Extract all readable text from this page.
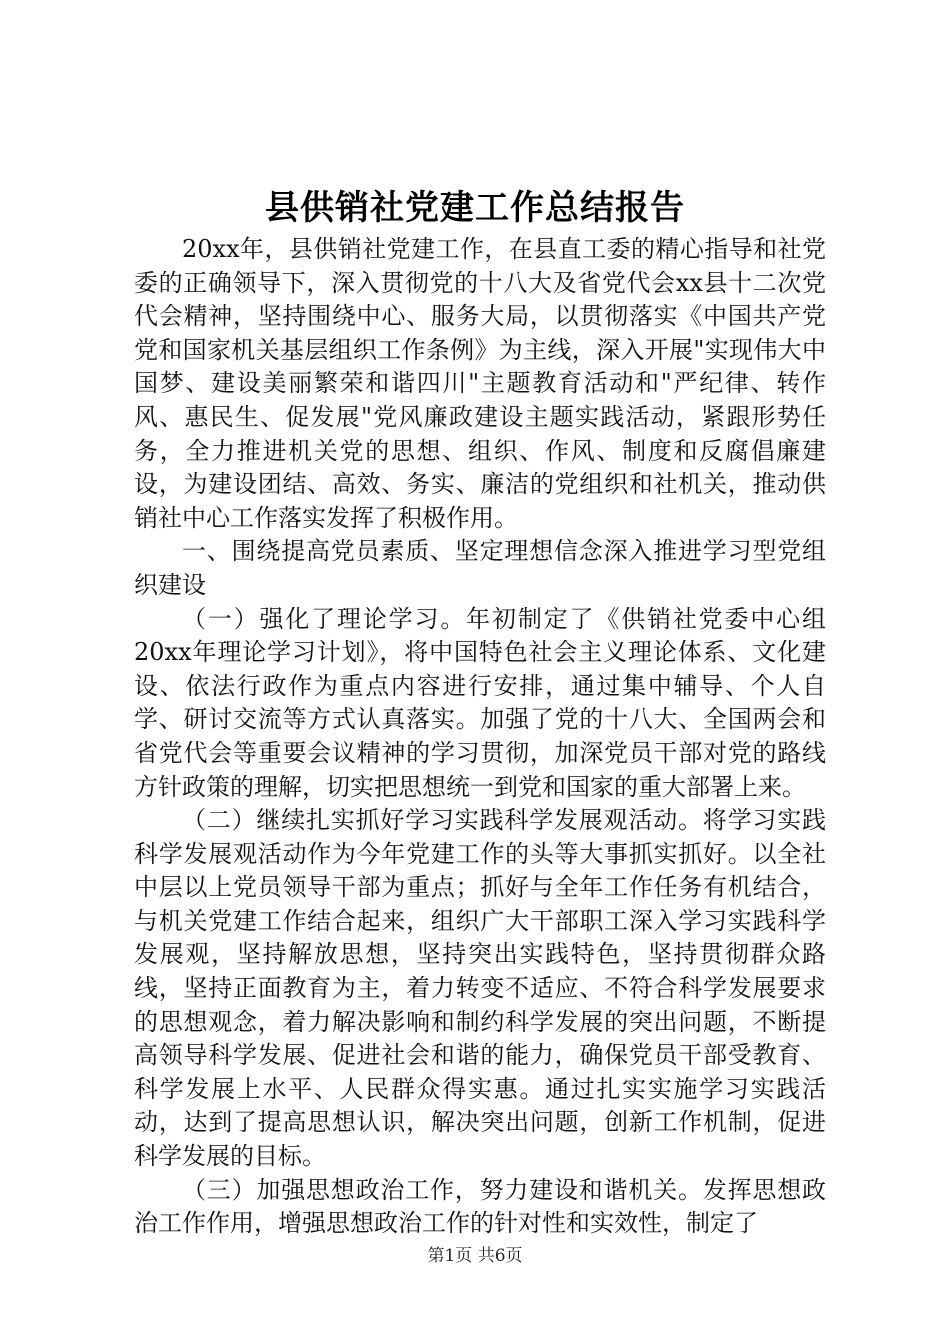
县供销社党建工作总结报告

20xx年，县供销社党建工作，在县直工委的精心指导和社党委的正确领导下，深入贯彻党的十八大及省党代会xx县十二次党代会精神，坚持围绕中心、服务大局，以贯彻落实《中国共产党党和国家机关基层组织工作条例》为主线，深入开展"实现伟大中国梦、建设美丽繁荣和谐四川"主题教育活动和"严纪律、转作风、惠民生、促发展"党风廉政建设主题实践活动，紧跟形势任务，全力推进机关党的思想、组织、作风、制度和反腐倡廉建设，为建设团结、高效、务实、廉洁的党组织和社机关，推动供销社中心工作落实发挥了积极作用。

一、围绕提高党员素质、坚定理想信念深入推进学习型党组织建设

（一）强化了理论学习。年初制定了《供销社党委中心组20xx年理论学习计划》，将中国特色社会主义理论体系、文化建设、依法行政作为重点内容进行安排，通过集中辅导、个人自学、研讨交流等方式认真落实。加强了党的十八大、全国两会和省党代会等重要会议精神的学习贯彻，加深党员干部对党的路线方针政策的理解，切实把思想统一到党和国家的重大部署上来。

（二）继续扎实抓好学习实践科学发展观活动。将学习实践科学发展观活动作为今年党建工作的头等大事抓实抓好。以全社中层以上党员领导干部为重点；抓好与全年工作任务有机结合，与机关党建工作结合起来，组织广大干部职工深入学习实践科学发展观，坚持解放思想，坚持突出实践特色，坚持贯彻群众路线，坚持正面教育为主，着力转变不适应、不符合科学发展要求的思想观念，着力解决影响和制约科学发展的突出问题，不断提高领导科学发展、促进社会和谐的能力，确保党员干部受教育、科学发展上水平、人民群众得实惠。通过扎实实施学习实践活动，达到了提高思想认识，解决突出问题，创新工作机制，促进科学发展的目标。

（三）加强思想政治工作，努力建设和谐机关。发挥思想政治工作作用，增强思想政治工作的针对性和实效性，制定了

第1页 共6页
